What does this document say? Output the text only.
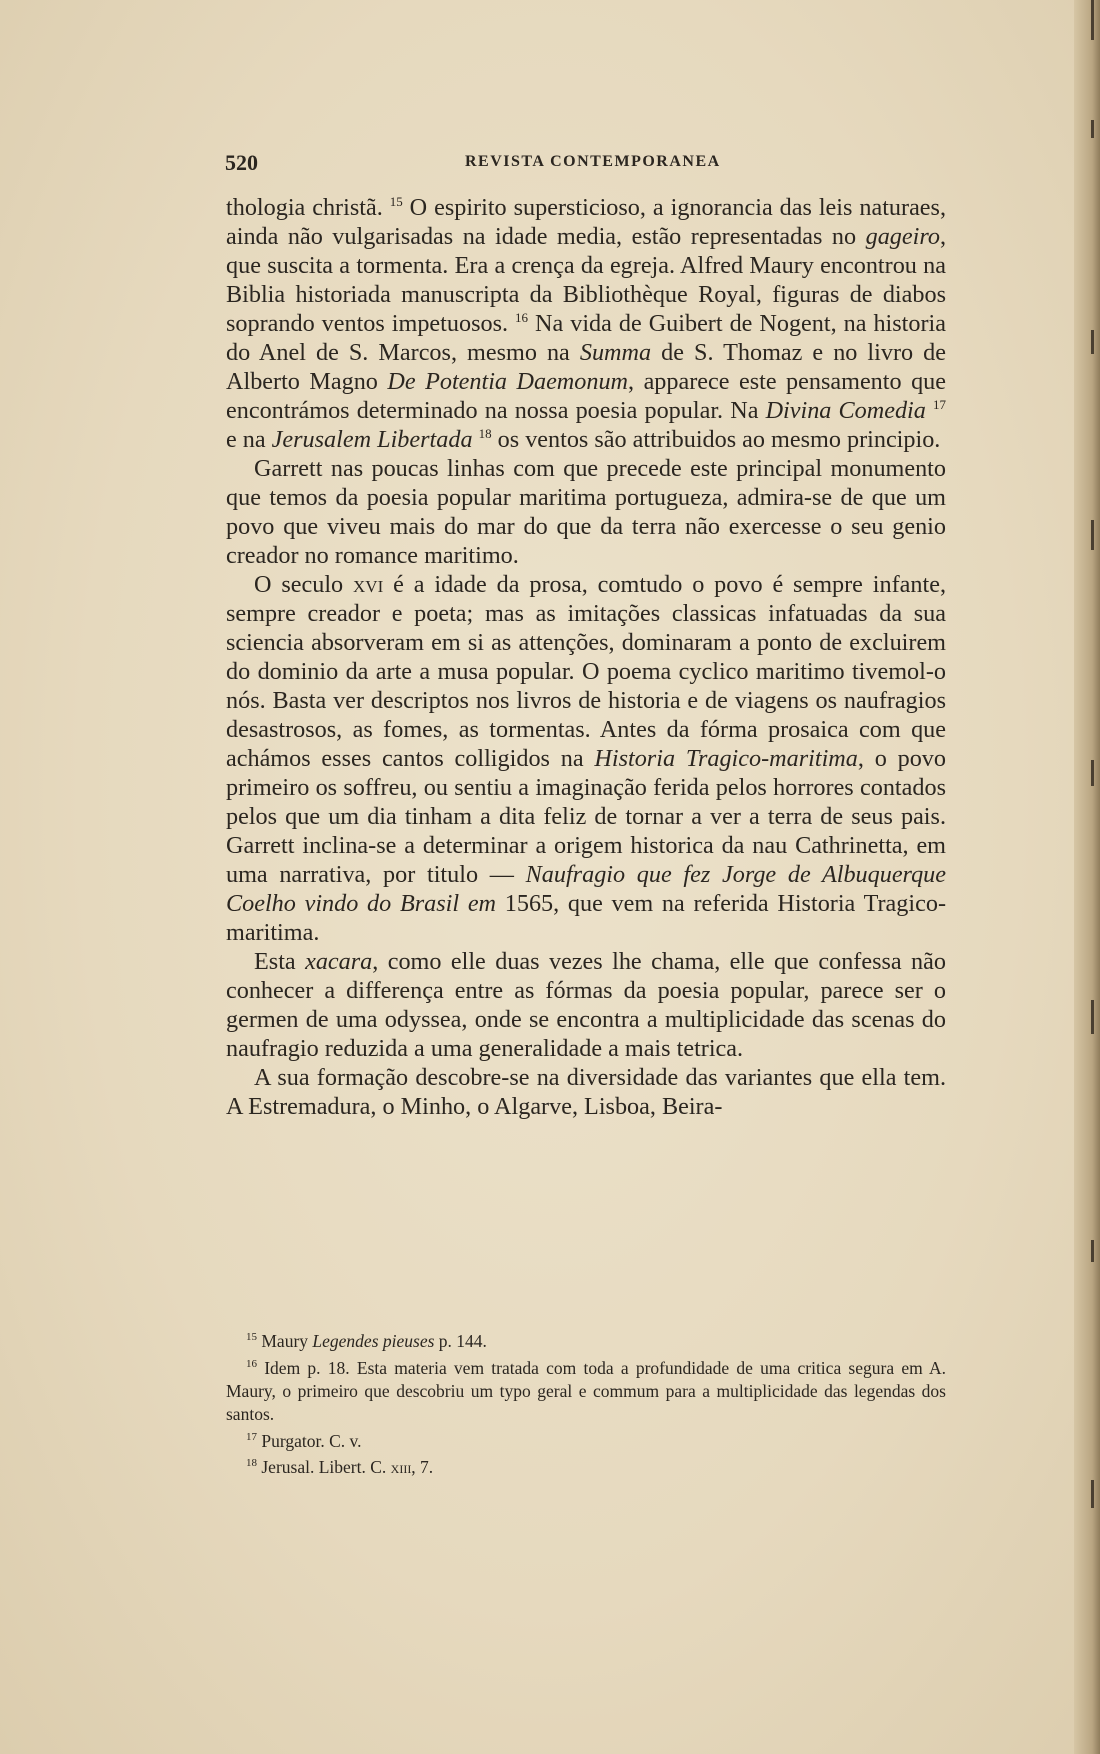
520	REVISTA CONTEMPORANEA

thologia christã. $^{15}$ O espirito supersticioso, a ignorancia das leis naturaes, ainda não vulgarisadas na idade media, estão representadas no gageiro, que suscita a tormenta. Era a crença da egreja. Alfred Maury encontrou na Biblia historiada manuscripta da Bibliothèque Royal, figuras de diabos soprando ventos impetuosos. $^{16}$ Na vida de Guibert de Nogent, na historia do Anel de S. Marcos, mesmo na Summa de S. Thomaz e no livro de Alberto Magno De Potentia Daemonum, apparece este pensamento que encontrámos determinado na nossa poesia popular. Na Divina Comedia $^{17}$ e na Jerusalem Libertada $^{18}$ os ventos são attribuidos ao mesmo principio.

Garrett nas poucas linhas com que precede este principal monumento que temos da poesia popular maritima portugueza, admira-se de que um povo que viveu mais do mar do que da terra não exercesse o seu genio creador no romance maritimo.

O seculo xvi é a idade da prosa, comtudo o povo é sempre infante, sempre creador e poeta; mas as imitações classicas infatuadas da sua sciencia absorveram em si as attenções, dominaram a ponto de excluirem do dominio da arte a musa popular. O poema cyclico maritimo tivemol-o nós. Basta ver descriptos nos livros de historia e de viagens os naufragios desastrosos, as fomes, as tormentas. Antes da fórma prosaica com que achámos esses cantos colligidos na Historia Tragico-maritima, o povo primeiro os soffreu, ou sentiu a imaginação ferida pelos horrores contados pelos que um dia tinham a dita feliz de tornar a ver a terra de seus pais. Garrett inclina-se a determinar a origem historica da nau Cathrinetta, em uma narrativa, por titulo — Naufragio que fez Jorge de Albuquerque Coelho vindo do Brasil em 1565, que vem na referida Historia Tragico-maritima.

Esta xacara, como elle duas vezes lhe chama, elle que confessa não conhecer a differença entre as fórmas da poesia popular, parece ser o germen de uma odyssea, onde se encontra a multiplicidade das scenas do naufragio reduzida a uma generalidade a mais tetrica.

A sua formação descobre-se na diversidade das variantes que ella tem. A Estremadura, o Minho, o Algarve, Lisboa, Beira-

$^{15}$ Maury Legendes pieuses p. 144.

$^{16}$ Idem p. 18. Esta materia vem tratada com toda a profundidade de uma critica segura em A. Maury, o primeiro que descobriu um typo geral e commum para a multiplicidade das legendas dos santos.

$^{17}$ Purgator. C. v.

$^{18}$ Jerusal. Libert. C. xiii, 7.
